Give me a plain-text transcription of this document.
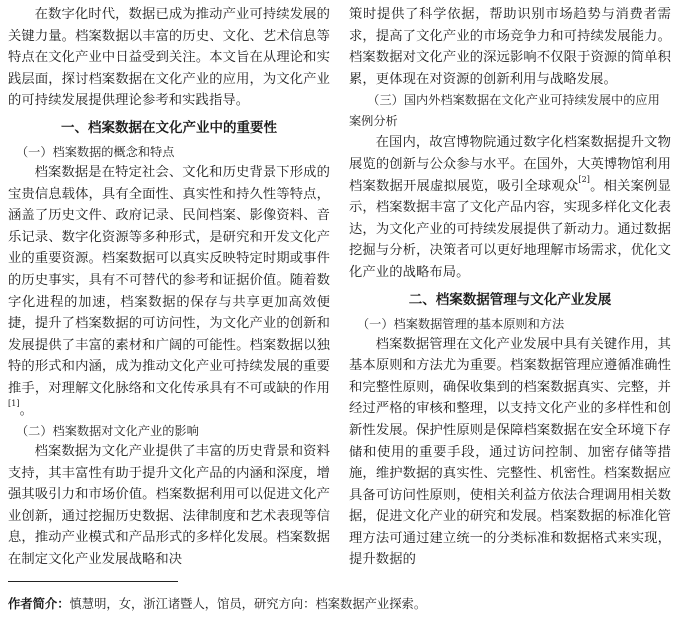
在数字化时代，数据已成为推动产业可持续发展的关键力量。档案数据以丰富的历史、文化、艺术信息等特点在文化产业中日益受到关注。本文旨在从理论和实践层面，探讨档案数据在文化产业的应用，为文化产业的可持续发展提供理论参考和实践指导。

一、档案数据在文化产业中的重要性
（一）档案数据的概念和特点

档案数据是在特定社会、文化和历史背景下形成的宝贵信息载体，具有全面性、真实性和持久性等特点，涵盖了历史文件、政府记录、民间档案、影像资料、音乐记录、数字化资源等多种形式，是研究和开发文化产业的重要资源。档案数据可以真实反映特定时期或事件的历史事实，具有不可替代的参考和证据价值。随着数字化进程的加速，档案数据的保存与共享更加高效便捷，提升了档案数据的可访问性，为文化产业的创新和发展提供了丰富的素材和广阔的可能性。档案数据以独特的形式和内涵，成为推动文化产业可持续发展的重要推手，对理解文化脉络和文化传承具有不可或缺的作用[1]。

（二）档案数据对文化产业的影响

档案数据为文化产业提供了丰富的历史背景和资料支持，其丰富性有助于提升文化产品的内涵和深度，增强其吸引力和市场价值。档案数据利用可以促进文化产业创新，通过挖掘历史数据、法律制度和艺术表现等信息，推动产业模式和产品形式的多样化发展。档案数据在制定文化产业发展战略和决

策时提供了科学依据，帮助识别市场趋势与消费者需求，提高了文化产业的市场竞争力和可持续发展能力。档案数据对文化产业的深远影响不仅限于资源的简单积累，更体现在对资源的创新利用与战略发展。

（三）国内外档案数据在文化产业可持续发展中的应用案例分析

在国内，故宫博物院通过数字化档案数据提升文物展览的创新与公众参与水平。在国外，大英博物馆利用档案数据开展虚拟展览，吸引全球观众[2]。相关案例显示，档案数据丰富了文化产品内容，实现多样化文化表达，为文化产业的可持续发展提供了新动力。通过数据挖掘与分析，决策者可以更好地理解市场需求，优化文化产业的战略布局。

二、档案数据管理与文化产业发展
（一）档案数据管理的基本原则和方法

档案数据管理在文化产业发展中具有关键作用，其基本原则和方法尤为重要。档案数据管理应遵循准确性和完整性原则，确保收集到的档案数据真实、完整，并经过严格的审核和整理，以支持文化产业的多样性和创新性发展。保护性原则是保障档案数据在安全环境下存储和使用的重要手段，通过访问控制、加密存储等措施，维护数据的真实性、完整性、机密性。档案数据应具备可访问性原则，使相关利益方依法合理调用相关数据，促进文化产业的研究和发展。档案数据的标准化管理方法可通过建立统一的分类标准和数据格式来实现，提升数据的

作者简介：慎慧明，女，浙江诸暨人，馆员，研究方向：档案数据产业探索。
